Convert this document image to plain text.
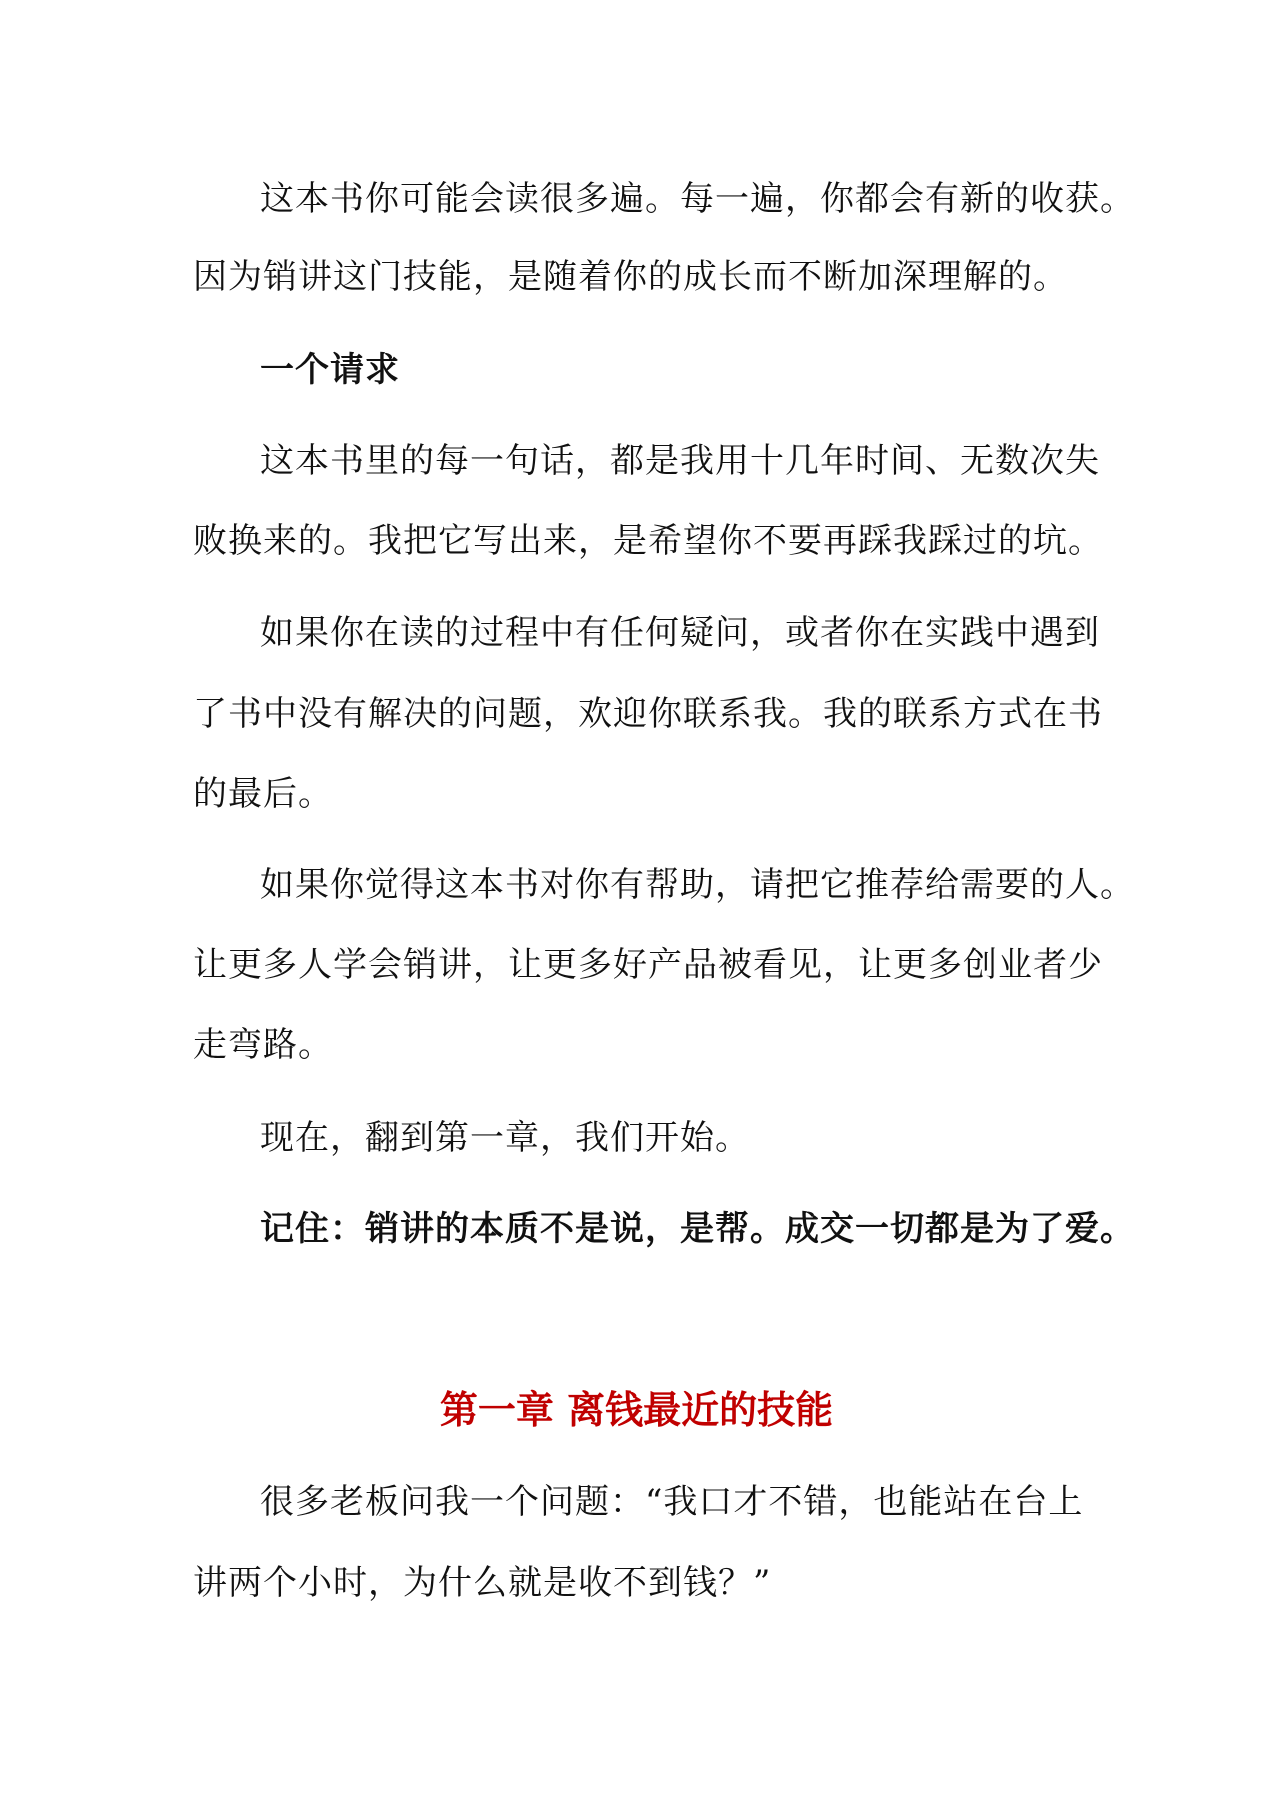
这本书你可能会读很多遍。每一遍，你都会有新的收获。
因为销讲这门技能，是随着你的成长而不断加深理解的。
一个请求
这本书里的每一句话，都是我用十几年时间、无数次失
败换来的。我把它写出来，是希望你不要再踩我踩过的坑。
如果你在读的过程中有任何疑问，或者你在实践中遇到
了书中没有解决的问题，欢迎你联系我。我的联系方式在书
的最后。
如果你觉得这本书对你有帮助，请把它推荐给需要的人。
让更多人学会销讲，让更多好产品被看见，让更多创业者少
走弯路。
现在，翻到第一章，我们开始。
记住：销讲的本质不是说，是帮。成交一切都是为了爱。
第一章 离钱最近的技能
很多老板问我一个问题：“我口才不错，也能站在台上
讲两个小时，为什么就是收不到钱？”
